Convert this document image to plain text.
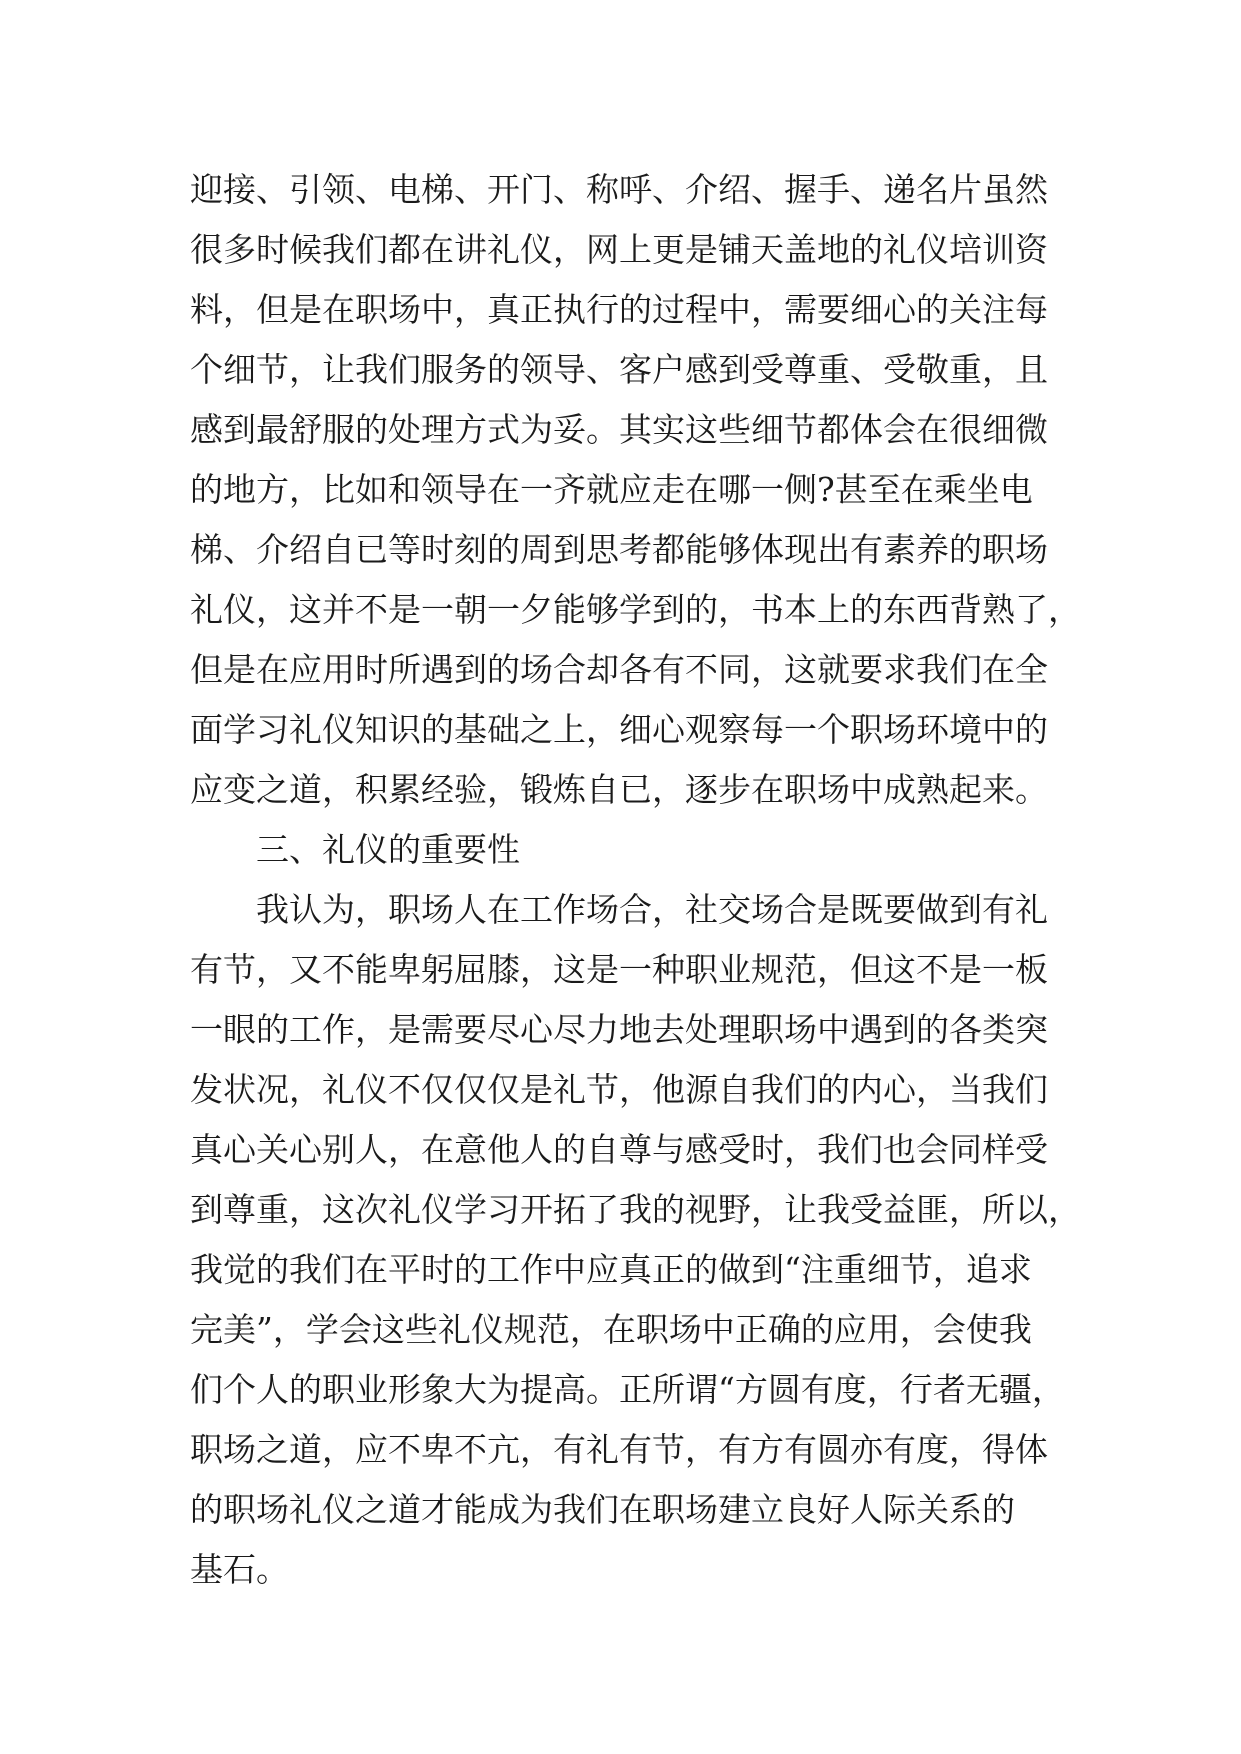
迎接、引领、电梯、开门、称呼、介绍、握手、递名片虽然
很多时候我们都在讲礼仪，网上更是铺天盖地的礼仪培训资
料，但是在职场中，真正执行的过程中，需要细心的关注每
个细节，让我们服务的领导、客户感到受尊重、受敬重，且
感到最舒服的处理方式为妥。其实这些细节都体会在很细微
的地方，比如和领导在一齐就应走在哪一侧?甚至在乘坐电
梯、介绍自已等时刻的周到思考都能够体现出有素养的职场
礼仪，这并不是一朝一夕能够学到的，书本上的东西背熟了，
但是在应用时所遇到的场合却各有不同，这就要求我们在全
面学习礼仪知识的基础之上，细心观察每一个职场环境中的
应变之道，积累经验，锻炼自已，逐步在职场中成熟起来。
三、礼仪的重要性
我认为，职场人在工作场合，社交场合是既要做到有礼
有节，又不能卑躬屈膝，这是一种职业规范，但这不是一板
一眼的工作，是需要尽心尽力地去处理职场中遇到的各类突
发状况，礼仪不仅仅仅是礼节，他源自我们的内心，当我们
真心关心别人，在意他人的自尊与感受时，我们也会同样受
到尊重，这次礼仪学习开拓了我的视野，让我受益匪，所以，
我觉的我们在平时的工作中应真正的做到“注重细节，追求
完美”，学会这些礼仪规范，在职场中正确的应用，会使我
们个人的职业形象大为提高。正所谓“方圆有度，行者无疆，
职场之道，应不卑不亢，有礼有节，有方有圆亦有度，得体
的职场礼仪之道才能成为我们在职场建立良好人际关系的
基石。
